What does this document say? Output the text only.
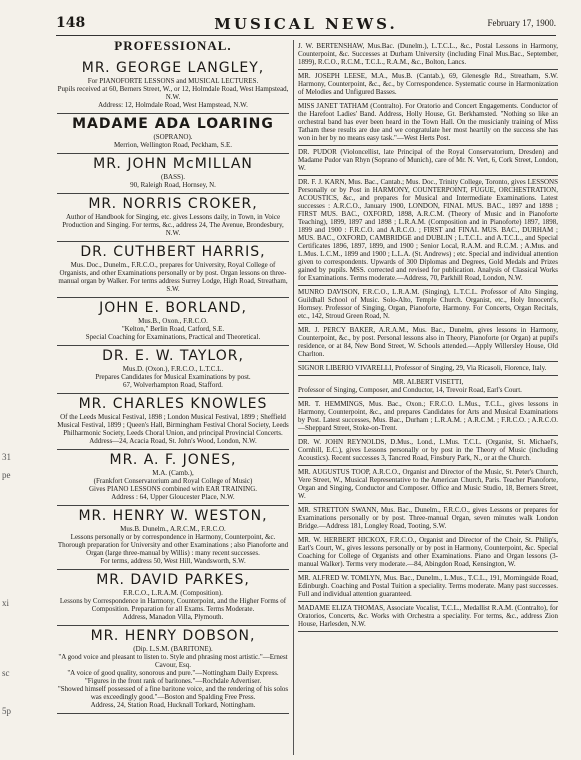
148	MUSICAL NEWS.	February 17, 1900.
31
pe
xi
sc
5p
PROFESSIONAL.
MR. GEORGE LANGLEY,
For PIANOFORTE LESSONS and MUSICAL LECTURES.
Pupils received at 60, Berners Street, W., or 12, Holmdale Road, West Hampstead, N.W.
Address: 12, Holmdale Road, West Hampstead, N.W.
MADAME ADA LOARING
(SOPRANO).
Merrion, Wellington Road, Peckham, S.E.
MR. JOHN McMILLAN
(BASS).
90, Raleigh Road, Hornsey, N.
MR. NORRIS CROKER,
Author of Handbook for Singing, etc. gives Lessons daily, in Town, in Voice Production and Singing. For terms, &c., address 24, The Avenue, Brondesbury, N.W.
DR. CUTHBERT HARRIS,
Mus. Doc., Dunelm., F.R.C.O., prepares for University, Royal College of Organists, and other Examinations personally or by post. Organ lessons on three-manual organ by Walker. For terms address Surrey Lodge, High Road, Streatham, S.W.
JOHN E. BORLAND,
Mus.B., Oxon., F.R.C.O.
"Kelton," Berlin Road, Catford, S.E.
Special Coaching for Examinations, Practical and Theoretical.
DR. E. W. TAYLOR,
Mus.D. (Oxon.), F.R.C.O., L.T.C.L.
Prepares Candidates for Musical Examinations by post.
67, Wolverhampton Road, Stafford.
MR. CHARLES KNOWLES
Of the Leeds Musical Festival, 1898 ; London Musical Festival, 1899 ; Sheffield Musical Festival, 1899 ; Queen's Hall, Birmingham Festival Choral Society, Leeds Philharmonic Society, Leeds Choral Union, and principal Provincial Concerts.
Address—24, Acacia Road, St. John's Wood, London, N.W.
MR. A. F. JONES,
M.A. (Camb.),
(Frankfort Conservatorium and Royal College of Music)
Gives PIANO LESSONS combined with EAR TRAINING.
Address : 64, Upper Gloucester Place, N.W.
MR. HENRY W. WESTON,
Mus.B. Dunelm., A.R.C.M., F.R.C.O.
Lessons personally or by correspondence in Harmony, Counterpoint, &c. Thorough preparation for University and other Examinations ; also Pianoforte and Organ (large three-manual by Willis) : many recent successes.
For terms, address 50, West Hill, Wandsworth, S.W.
MR. DAVID PARKES,
F.R.C.O., L.R.A.M. (Composition).
Lessons by Correspondence in Harmony, Counterpoint, and the Higher Forms of Composition. Preparation for all Exams. Terms Moderate.
Address, Manadon Villa, Plymouth.
MR. HENRY DOBSON,
(Dip. L.S.M. (BARITONE).
"A good voice and pleasant to listen to. Style and phrasing most artistic."—Ernest Cavour, Esq.
"A voice of good quality, sonorous and pure."—Nottingham Daily Express.
"Figures in the front rank of baritones."—Rochdale Advertiser.
"Showed himself possessed of a fine baritone voice, and the rendering of his solos was exceedingly good."—Boston and Spalding Free Press.
Address, 24, Station Road, Hucknall Torkard, Nottingham.

J. W. BERTENSHAW, Mus.Bac. (Dunelm.), L.T.C.L., &c., Postal Lessons in Harmony, Counterpoint, &c. Successes at Durham University (including Final Mus.Bac., September, 1899), R.C.O., R.C.M., T.C.L., R.A.M., &c., Bolton, Lancs.

MR. JOSEPH LEESE, M.A., Mus.B. (Cantab.), 69, Glenesgle Rd., Streatham, S.W. Harmony, Counterpoint, &c., &c., by Correspondence. Systematic course in Harmonization of Melodies and Unfigured Basses.

MISS JANET TATHAM (Contralto). For Oratorio and Concert Engagements. Conductor of the Harefoot Ladies' Band. Address, Holly House, Gt. Berkhamsted. "Nothing so like an orchestral band has ever been heard in the Town Hall. On the musicianly training of Miss Tatham these results are due and we congratulate her most heartily on the success she has won in her by no means easy task."—West Herts Post.

DR. PUDOR (Violoncellist, late Principal of the Royal Conservatorium, Dresden) and Madame Pudor van Rhyn (Soprano of Munich), care of Mr. N. Vert, 6, Cork Street, London, W.

DR. F. J. KARN, Mus. Bac., Cantab.; Mus. Doc., Trinity College, Toronto, gives LESSONS Personally or by Post in HARMONY, COUNTERPOINT, FUGUE, ORCHESTRATION, ACOUSTICS, &c., and prepares for Musical and Intermediate Examinations. Latest successes : A.R.C.O., January 1900, LONDON, FINAL MUS. BAC., 1897 and 1898 ; FIRST MUS. BAC., OXFORD, 1898, A.R.C.M. (Theory of Music and in Pianoforte Teaching), 1899, 1897 and 1898 ; L.R.A.M. (Composition and in Pianoforte) 1897, 1898, 1899 and 1900 : F.R.C.O. and A.R.C.O. ; FIRST and FINAL MUS. BAC., DURHAM ; MUS. BAC., OXFORD, CAMBRIDGE and DUBLIN ; L.T.C.L. and A.T.C.L., and Special Certificates 1896, 1897, 1899, and 1900 ; Senior Local, R.A.M. and R.C.M. ; A.Mus. and L.Mus. L.C.M., 1899 and 1900 ; L.L.A. (St. Andrews) ; etc. Special and individual attention given to correspondents. Upwards of 300 Diplomas and Degrees, Gold Medals and Prizes gained by pupils. MSS. corrected and revised for publication. Analysis of Classical Works for Examinations. Terms moderate.—Address, 70, Parkhill Road, London, N.W.

MUNRO DAVISON, F.R.C.O., L.R.A.M. (Singing), L.T.C.L. Professor of Alto Singing, Guildhall School of Music. Solo-Alto, Temple Church. Organist, etc., Holy Innocent's, Hornsey. Professor of Singing, Organ, Pianoforte, Harmony. For Concerts, Organ Recitals, etc., 142, Stroud Green Road, N.

MR. J. PERCY BAKER, A.R.A.M., Mus. Bac., Dunelm, gives lessons in Harmony, Counterpoint, &c., by post. Personal lessons also in Theory, Pianoforte (or Organ) at pupil's residence, or at 84, New Bond Street, W. Schools attended.—Apply Willersley House, Old Charlton.

SIGNOR LIBERIO VIVARELLI, Professor of Singing, 29, Via Ricasoli, Florence, Italy.

MR. ALBERT VISETTI,

Professor of Singing, Composer, and Conductor, 14, Trevoir Road, Earl's Court.

MR. T. HEMMINGS, Mus. Bac., Oxon.; F.R.C.O. L.Mus., T.C.L., gives lessons in Harmony, Counterpoint, &c., and prepares Candidates for Arts and Musical Examinations by Post. Latest successes, Mus. Bac., Durham ; L.R.A.M. ; A.R.C.M. ; F.R.C.O. ; A.R.C.O.—Sheppard Street, Stoke-on-Trent.

DR. W. JOHN REYNOLDS, D.Mus., Lond., L.Mus. T.C.L. (Organist, St. Michael's, Cornhill, E.C.), gives Lessons personally or by post in the Theory of Music (including Acoustics). Recent successes 3, Tancred Road, Finsbury Park, N., or at the Church.

MR. AUGUSTUS TOOP, A.R.C.O., Organist and Director of the Music, St. Peter's Church, Vere Street, W., Musical Representative to the American Church, Paris. Teacher Pianoforte, Organ and Singing, Conductor and Composer. Office and Music Studio, 18, Berners Street, W.

MR. STRETTON SWANN, Mus. Bac., Dunelm., F.R.C.O., gives Lessons or prepares for Examinations personally or by post. Three-manual Organ, seven minutes walk London Bridge.—Address 181, Longley Road, Tooting, S.W.

MR. W. HERBERT HICKOX, F.R.C.O., Organist and Director of the Choir, St. Philip's, Earl's Court, W., gives lessons personally or by post in Harmony, Counterpoint, &c. Special Coaching for College of Organists and other Examinations. Piano and Organ lessons (3-manual Walker). Terms very moderate.—84, Abingdon Road, Kensington, W.

MR. ALFRED W. TOMLYN, Mus. Bac., Dunelm., L.Mus., T.C.L., 191, Morningside Road, Edinburgh. Coaching and Postal Tuition a speciality. Terms moderate. Many past successes. Full and individual attention guaranteed.

MADAME ELIZA THOMAS, Associate Vocalist, T.C.L., Medallist R.A.M. (Contralto), for Oratorios, Concerts, &c. Works with Orchestra a speciality. For terms, &c., address Zion House, Harlesden, N.W.
